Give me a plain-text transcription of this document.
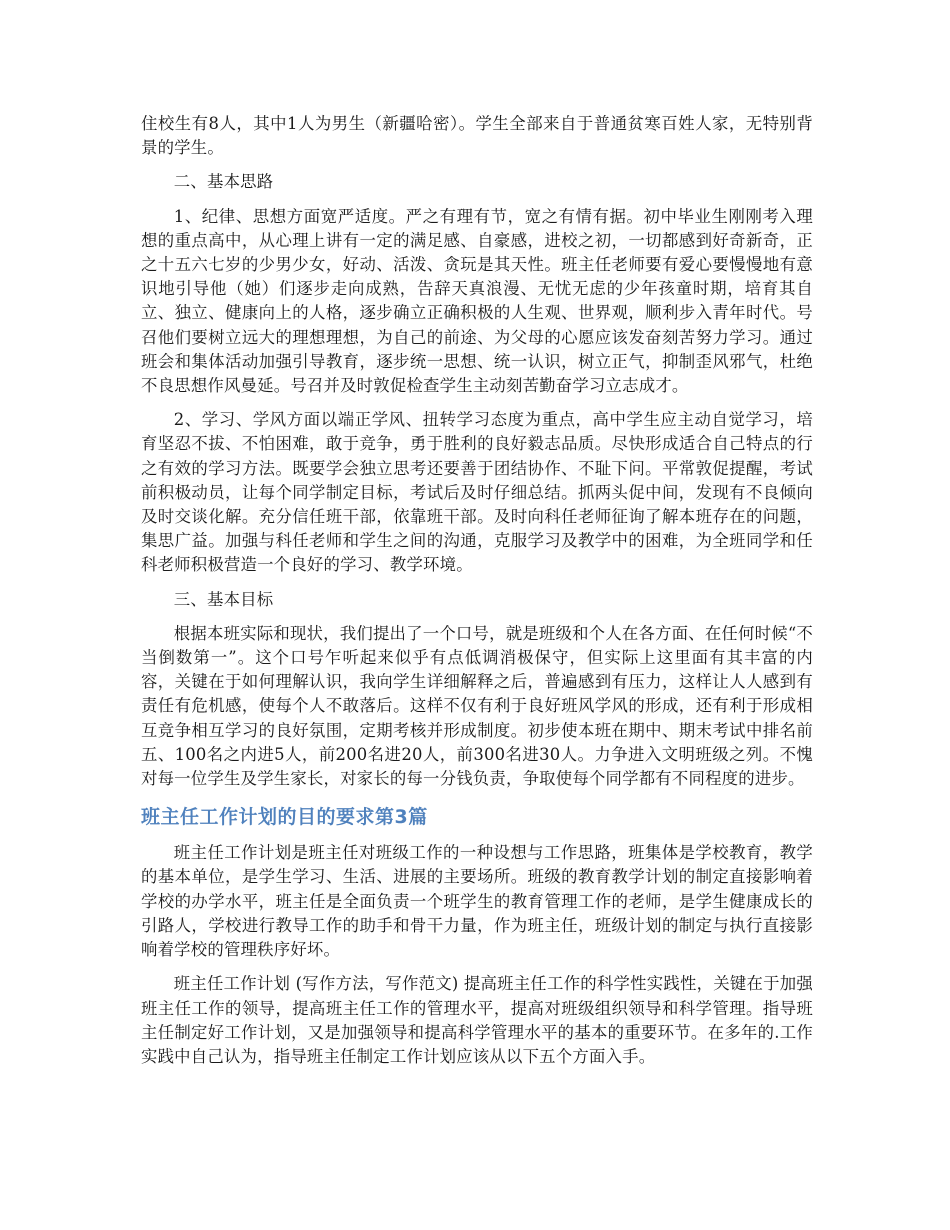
住校生有8人，其中1人为男生（新疆哈密）。学生全部来自于普通贫寒百姓人家，无特别背景的学生。

二、基本思路

1、纪律、思想方面宽严适度。严之有理有节，宽之有情有据。初中毕业生刚刚考入理想的重点高中，从心理上讲有一定的满足感、自豪感，进校之初，一切都感到好奇新奇，正之十五六七岁的少男少女，好动、活泼、贪玩是其天性。班主任老师要有爱心要慢慢地有意识地引导他（她）们逐步走向成熟，告辞天真浪漫、无忧无虑的少年孩童时期，培育其自立、独立、健康向上的人格，逐步确立正确积极的人生观、世界观，顺利步入青年时代。号召他们要树立远大的理想理想，为自己的前途、为父母的心愿应该发奋刻苦努力学习。通过班会和集体活动加强引导教育，逐步统一思想、统一认识，树立正气，抑制歪风邪气，杜绝不良思想作风曼延。号召并及时敦促检查学生主动刻苦勤奋学习立志成才。

2、学习、学风方面以端正学风、扭转学习态度为重点，高中学生应主动自觉学习，培育坚忍不拔、不怕困难，敢于竞争，勇于胜利的良好毅志品质。尽快形成适合自己特点的行之有效的学习方法。既要学会独立思考还要善于团结协作、不耻下问。平常敦促提醒，考试前积极动员，让每个同学制定目标，考试后及时仔细总结。抓两头促中间，发现有不良倾向及时交谈化解。充分信任班干部，依靠班干部。及时向科任老师征询了解本班存在的问题，集思广益。加强与科任老师和学生之间的沟通，克服学习及教学中的困难，为全班同学和任科老师积极营造一个良好的学习、教学环境。

三、基本目标

根据本班实际和现状，我们提出了一个口号，就是班级和个人在各方面、在任何时候“不当倒数第一”。这个口号乍听起来似乎有点低调消极保守，但实际上这里面有其丰富的内容，关键在于如何理解认识，我向学生详细解释之后，普遍感到有压力，这样让人人感到有责任有危机感，使每个人不敢落后。这样不仅有利于良好班风学风的形成，还有利于形成相互竞争相互学习的良好氛围，定期考核并形成制度。初步使本班在期中、期末考试中排名前五、100名之内进5人，前200名进20人，前300名进30人。力争进入文明班级之列。不愧对每一位学生及学生家长，对家长的每一分钱负责，争取使每个同学都有不同程度的进步。

班主任工作计划的目的要求第3篇

班主任工作计划是班主任对班级工作的一种设想与工作思路，班集体是学校教育，教学的基本单位，是学生学习、生活、进展的主要场所。班级的教育教学计划的制定直接影响着学校的办学水平，班主任是全面负责一个班学生的教育管理工作的老师，是学生健康成长的引路人，学校进行教导工作的助手和骨干力量，作为班主任，班级计划的制定与执行直接影响着学校的管理秩序好坏。

班主任工作计划 (写作方法，写作范文) 提高班主任工作的科学性实践性，关键在于加强班主任工作的领导，提高班主任工作的管理水平，提高对班级组织领导和科学管理。指导班主任制定好工作计划，又是加强领导和提高科学管理水平的基本的重要环节。在多年的.工作实践中自己认为，指导班主任制定工作计划应该从以下五个方面入手。
